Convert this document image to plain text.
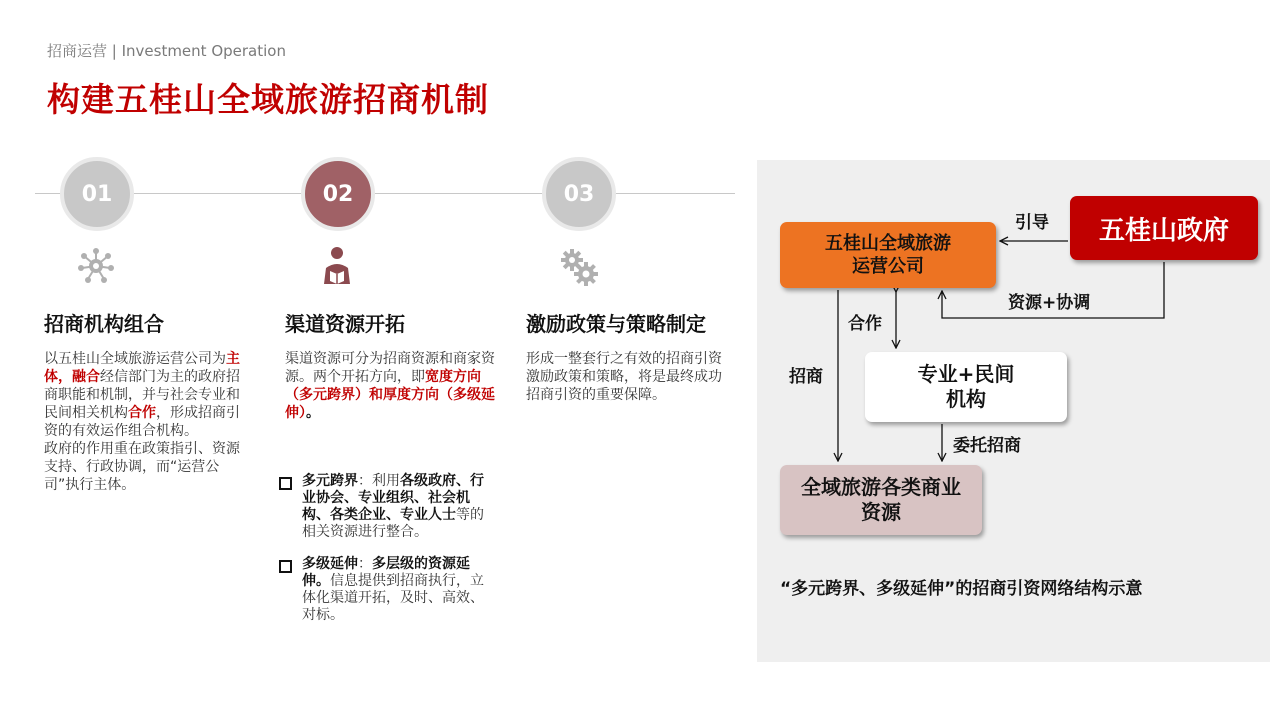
招商运营 | Investment Operation
构建五桂山全域旅游招商机制
01	02	03
招商机构组合	渠道资源开拓	激励政策与策略制定
以五桂山全域旅游运营公司为主体，融合经信部门为主的政府招商职能和机制，并与社会专业和民间相关机构合作，形成招商引资的有效运作组合机构。
政府的作用重在政策指引、资源支持、行政协调，而“运营公司”执行主体。
渠道资源可分为招商资源和商家资源。两个开拓方向，即宽度方向（多元跨界）和厚度方向（多级延伸）。
多元跨界：利用各级政府、行业协会、专业组织、社会机构、各类企业、专业人士等的相关资源进行整合。
多级延伸：多层级的资源延伸。信息提供到招商执行，立体化渠道开拓，及时、高效、对标。
形成一整套行之有效的招商引资激励政策和策略，将是最终成功招商引资的重要保障。
五桂山全域旅游
运营公司
五桂山政府
专业+民间
机构
全域旅游各类商业
资源
引导
资源+协调
合作
招商
委托招商
“多元跨界、多级延伸”的招商引资网络结构示意
